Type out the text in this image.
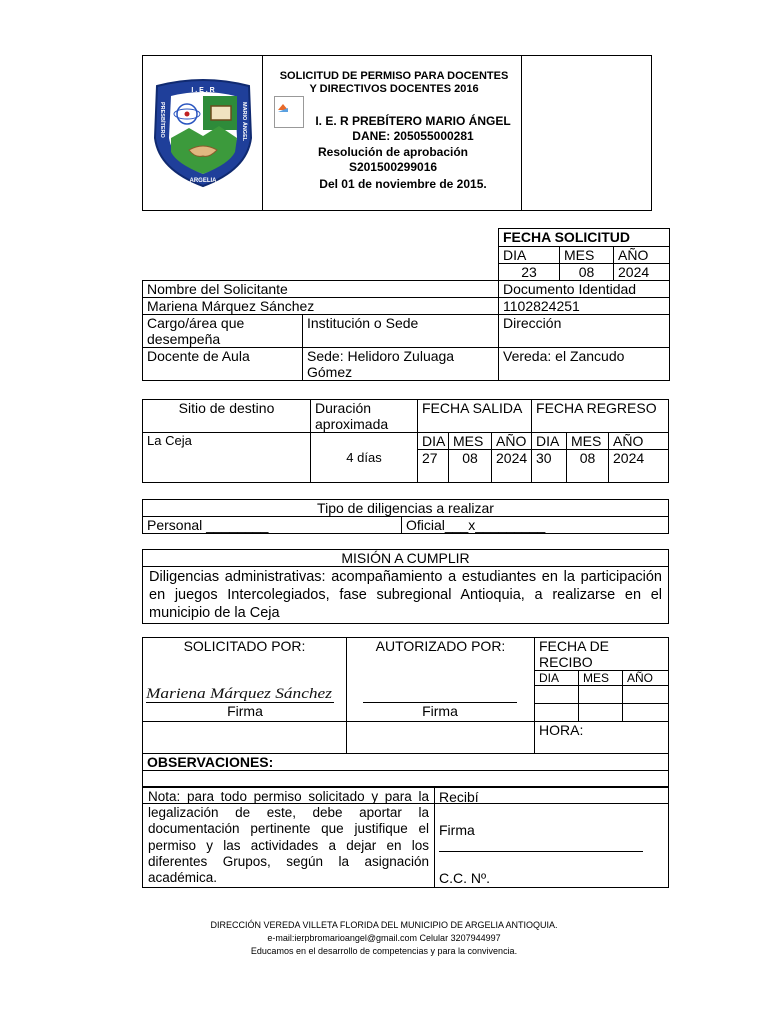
I . E . R
ARGELIA
PRESBÍTERO	MARIO ÁNGEL
SOLICITUD DE PERMISO PARA DOCENTES
Y DIRECTIVOS DOCENTES 2016
I. E. R PREBÍTERO MARIO ÁNGEL
DANE: 205055000281
Resolución de aprobación
S201500299016
Del 01 de noviembre de 2015.
		FECHA SOLICITUD		
		DIA	MES	AÑO
		23	08	2024
Nombre del Solicitante		Documento Identidad		
Mariena Márquez Sánchez		1102824251		
Cargo/área que desempeña	Institución o Sede	Dirección		
Docente de Aula	Sede: Helidoro Zuluaga Gómez	Vereda: el Zancudo		
Sitio de destino	Duración aproximada	FECHA SALIDA			FECHA REGRESO		
La Ceja	4 días	DIA	MES	AÑO	DIA	MES	AÑO
		27	08	2024	30	08	2024
Tipo de diligencias a realizar
Personal ________	Oficial___x_________
MISIÓN A CUMPLIR
Diligencias administrativas: acompañamiento a estudiantes en la participación en juegos Intercolegiados, fase subregional Antioquia, a realizarse en el municipio de la Ceja
SOLICITADO POR:	AUTORIZADO POR:	FECHA DE RECIBO		
		DIA	MES	AÑO

		HORA:		
OBSERVACIONES:				

Mariena Márquez Sánchez
Firma	Firma
Nota: para todo permiso solicitado y para la legalización de este, debe aportar la documentación pertinente que justifique el permiso y las actividades a dejar en los diferentes Grupos, según la asignación académica.	
Recibí
Firma
C.C. Nº.
DIRECCIÓN VEREDA VILLETA FLORIDA DEL MUNICIPIO DE ARGELIA ANTIOQUIA.
e-mail:ierpbromarioangel@gmail.com Celular 3207944997
Educamos en el desarrollo de competencias y para la convivencia.
